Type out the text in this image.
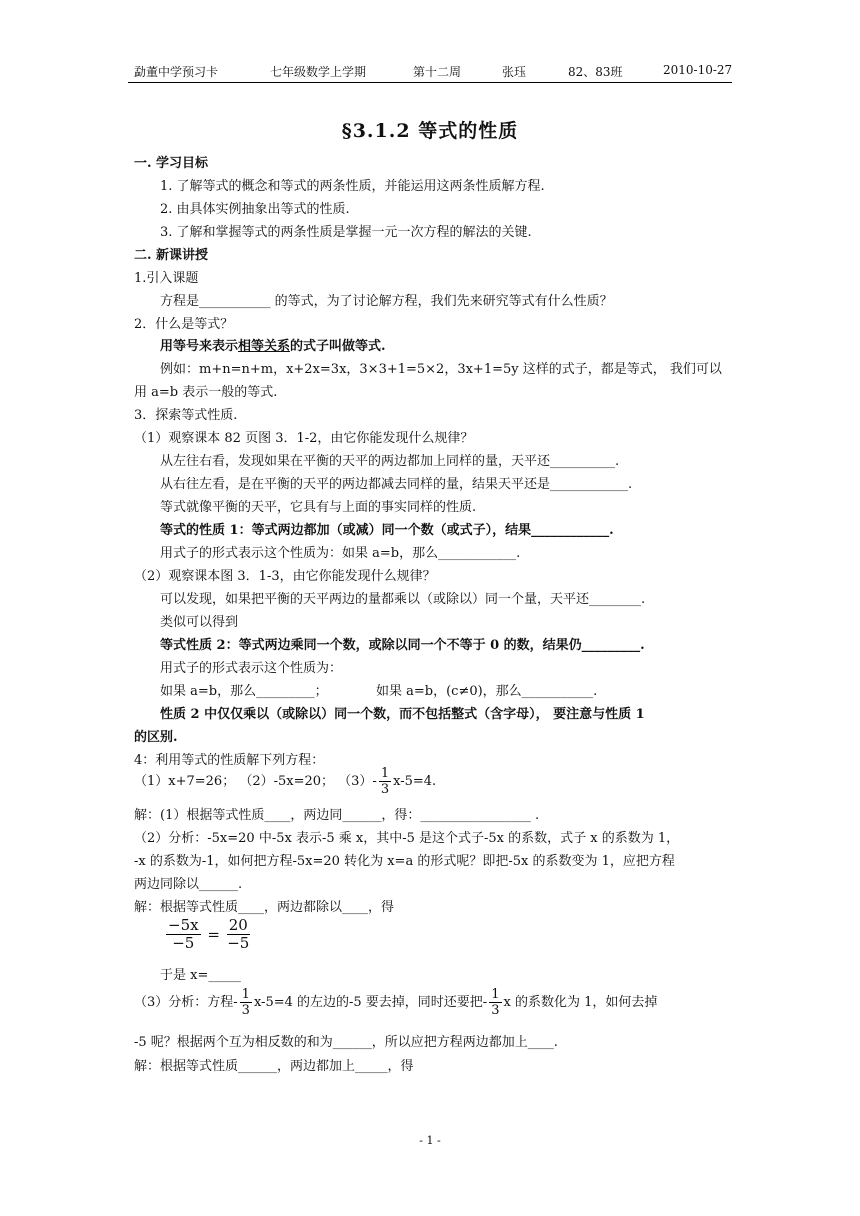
勐董中学预习卡	七年级数学上学期	第十二周	张珏	82、83班	2010-10-27
§3.1.2 等式的性质
一. 学习目标
1. 了解等式的概念和等式的两条性质，并能运用这两条性质解方程.
2. 由具体实例抽象出等式的性质.
3. 了解和掌握等式的两条性质是掌握一元一次方程的解法的关键.
二. 新课讲授
1.引入课题
方程是___________ 的等式，为了讨论解方程，我们先来研究等式有什么性质？
2．什么是等式？
用等号来表示相等关系的式子叫做等式.
例如：m+n=n+m，x+2x=3x，3×3+1=5×2，3x+1=5y 这样的式子，都是等式， 我们可以
用 a=b 表示一般的等式.
3．探索等式性质.
（1）观察课本 82 页图 3．1-2，由它你能发现什么规律？
从左往右看，发现如果在平衡的天平的两边都加上同样的量，天平还__________.
从右往左看，是在平衡的天平的两边都减去同样的量，结果天平还是____________.
等式就像平衡的天平，它具有与上面的事实同样的性质.
等式的性质 1：等式两边都加（或减）同一个数（或式子），结果____________.
用式子的形式表示这个性质为：如果 a=b，那么____________.
（2）观察课本图 3．1-3，由它你能发现什么规律？
可以发现，如果把平衡的天平两边的量都乘以（或除以）同一个量，天平还________.
类似可以得到
等式性质 2：等式两边乘同一个数，或除以同一个不等于 0 的数，结果仍_________.
用式子的形式表示这个性质为：
如果 a=b，那么_________；	如果 a=b，(c≠0)，那么___________.
性质 2 中仅仅乘以（或除以）同一个数，而不包括整式（含字母）， 要注意与性质 1
的区别.
4：利用等式的性质解下列方程：
（1）x+7=26； （2）-5x=20； $(3)- \frac{1}{3} x-5=4$.
解：(1）根据等式性质____，两边同______，得：_________________ .
（2）分析：-5x=20 中-5x 表示-5 乘 x，其中-5 是这个式子-5x 的系数，式子 x 的系数为 1，
-x 的系数为-1，如何把方程-5x=20 转化为 x=a 的形式呢？即把-5x 的系数变为 1，应把方程
两边同除以______.
解：根据等式性质____，两边都除以____，得
$\frac{-5x}{-5} = \frac{20}{-5}$
于是 x=_____
（3）分析：方程- $\frac{1}{3} x-5=4$ 的左边的-5 要去掉，同时还要把- $\frac{1}{3}$ x 的系数化为 1，如何去掉
-5 呢？根据两个互为相反数的和为______，所以应把方程两边都加上____.
解：根据等式性质______，两边都加上_____，得
- 1 -
